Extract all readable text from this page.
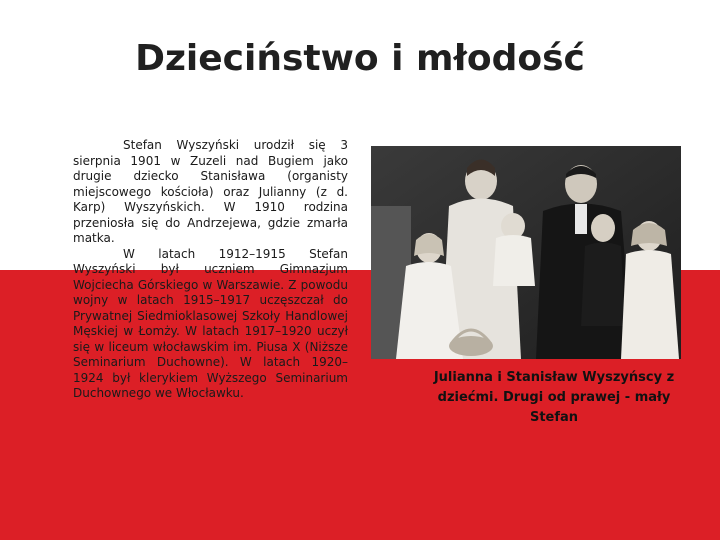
Dzieciństwo i młodość

Stefan Wyszyński urodził się 3 sierpnia 1901 w Zuzeli nad Bugiem jako drugie dziecko Stanisława (organisty miejscowego kościoła) oraz Julianny (z d. Karp) Wyszyńskich. W 1910 rodzina przeniosła się do Andrzejewa, gdzie zmarła matka.

W latach 1912–1915 Stefan Wyszyński był uczniem Gimnazjum Wojciecha Górskiego w Warszawie. Z powodu wojny w latach 1915–1917 uczęszczał do Prywatnej Siedmioklasowej Szkoły Handlowej Męskiej w Łomży. W latach 1917–1920 uczył się w liceum włocławskim im. Piusa X (Niższe Seminarium Duchowne). W latach 1920–1924 był klerykiem Wyższego Seminarium Duchownego we Włocławku.

Julianna i Stanisław Wyszyńscy z dziećmi. Drugi od prawej - mały Stefan
